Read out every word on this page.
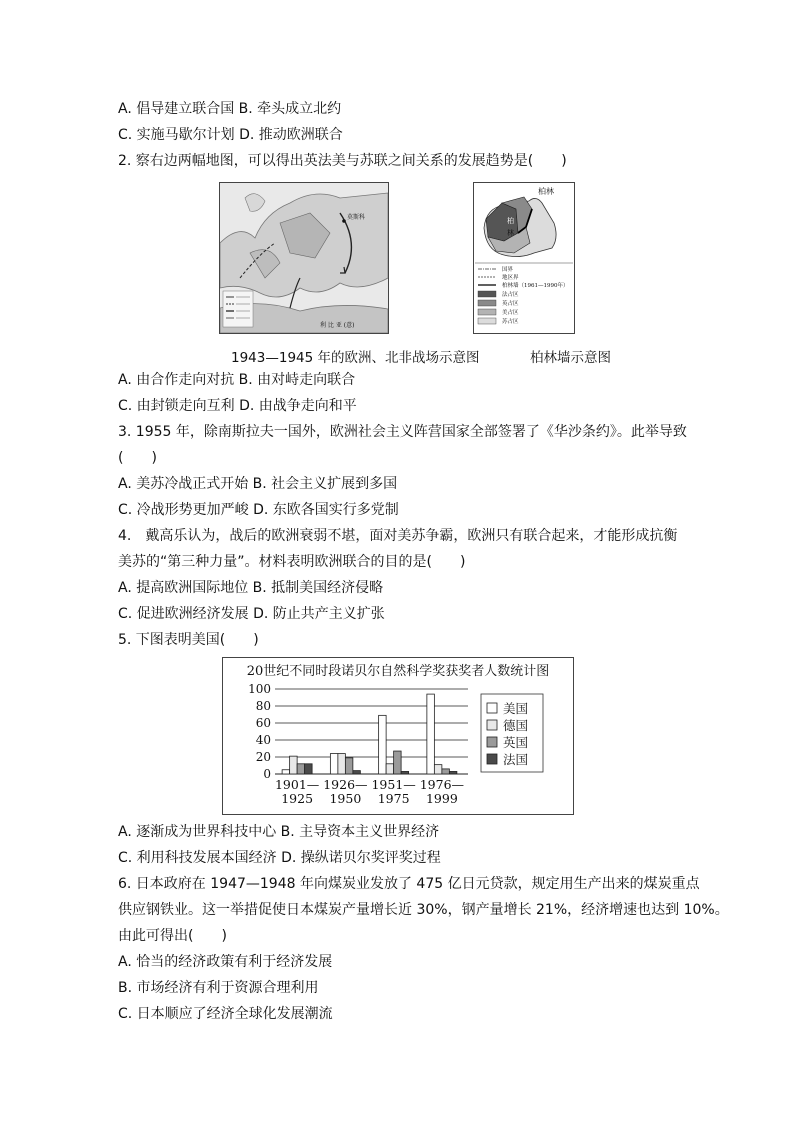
A. 倡导建立联合国 B. 牵头成立北约
C. 实施马歇尔计划 D. 推动欧洲联合
2. 察右边两幅地图，可以得出英法美与苏联之间关系的发展趋势是(　　)
莫斯科
利 比 亚 (意)
柏林
柏
林
国界
地区界
柏林墙（1961—1990年）
法占区
英占区
美占区
苏占区
1943—1945 年的欧洲、北非战场示意图	柏林墙示意图
A. 由合作走向对抗 B. 由对峙走向联合
C. 由封锁走向互利 D. 由战争走向和平
3. 1955 年，除南斯拉夫一国外，欧洲社会主义阵营国家全部签署了《华沙条约》。此举导致
(　　)
A. 美苏冷战正式开始 B. 社会主义扩展到多国
C. 冷战形势更加严峻 D. 东欧各国实行多党制
4.　戴高乐认为，战后的欧洲衰弱不堪，面对美苏争霸，欧洲只有联合起来，才能形成抗衡
美苏的“第三种力量”。材料表明欧洲联合的目的是(　　)
A. 提高欧洲国际地位 B. 抵制美国经济侵略
C. 促进欧洲经济发展 D. 防止共产主义扩张
5. 下图表明美国(　　)
20世纪不同时段诺贝尔自然科学奖获奖者人数统计图
0
20
40
60
80
100
1901—
1925
1926—
1950
1951—
1975
1976—
1999
美国
德国
英国
法国
A. 逐渐成为世界科技中心 B. 主导资本主义世界经济
C. 利用科技发展本国经济 D. 操纵诺贝尔奖评奖过程
6. 日本政府在 1947—1948 年向煤炭业发放了 475 亿日元贷款，规定用生产出来的煤炭重点
供应钢铁业。这一举措促使日本煤炭产量增长近 30%，钢产量增长 21%，经济增速也达到 10%。
由此可得出(　　)
A. 恰当的经济政策有利于经济发展
B. 市场经济有利于资源合理利用
C. 日本顺应了经济全球化发展潮流
